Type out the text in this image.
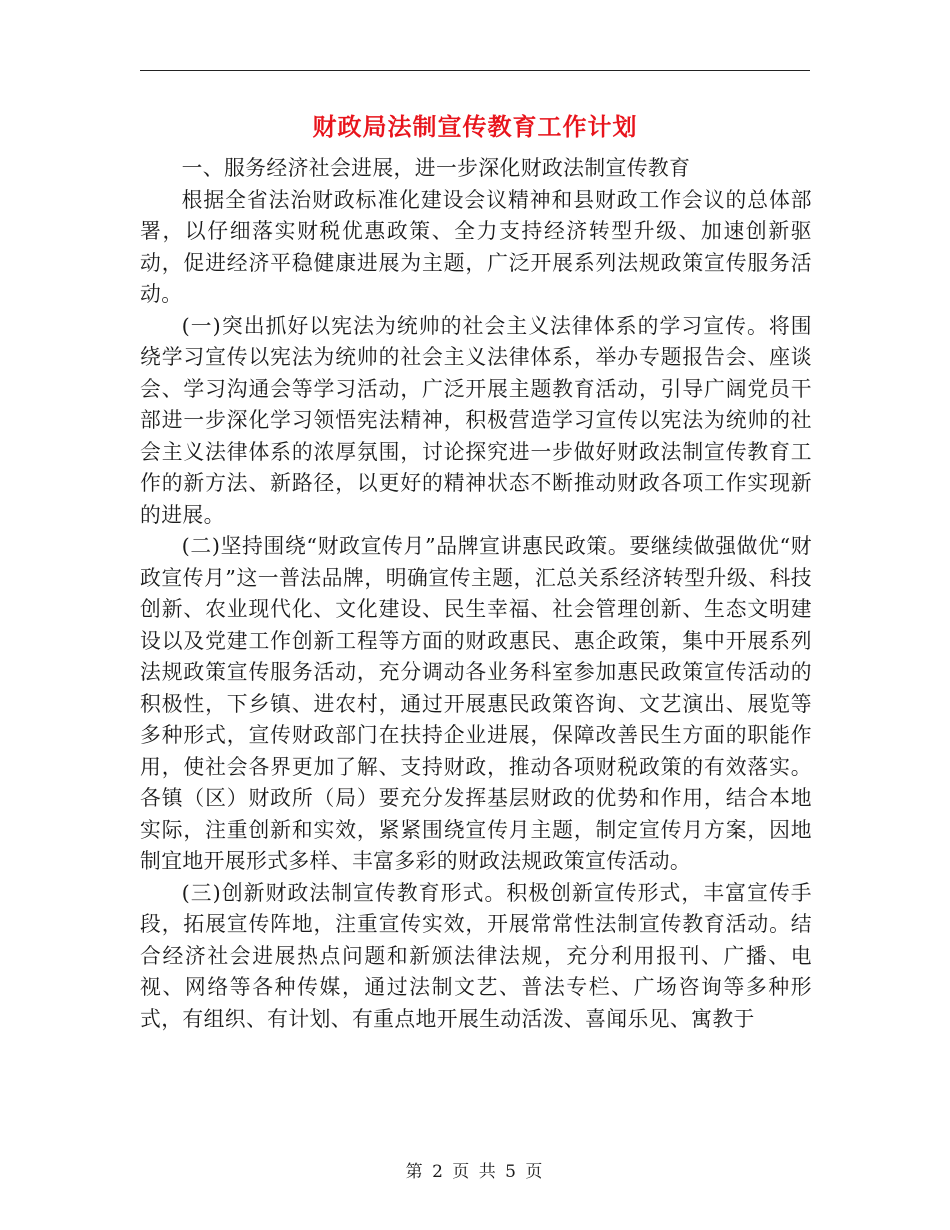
财政局法制宣传教育工作计划

一、服务经济社会进展，进一步深化财政法制宣传教育

根据全省法治财政标准化建设会议精神和县财政工作会议的总体部署，以仔细落实财税优惠政策、全力支持经济转型升级、加速创新驱动，促进经济平稳健康进展为主题，广泛开展系列法规政策宣传服务活动。

(一)突出抓好以宪法为统帅的社会主义法律体系的学习宣传。将围绕学习宣传以宪法为统帅的社会主义法律体系，举办专题报告会、座谈会、学习沟通会等学习活动，广泛开展主题教育活动，引导广阔党员干部进一步深化学习领悟宪法精神，积极营造学习宣传以宪法为统帅的社会主义法律体系的浓厚氛围，讨论探究进一步做好财政法制宣传教育工作的新方法、新路径，以更好的精神状态不断推动财政各项工作实现新的进展。

(二)坚持围绕“财政宣传月”品牌宣讲惠民政策。要继续做强做优“财政宣传月”这一普法品牌，明确宣传主题，汇总关系经济转型升级、科技创新、农业现代化、文化建设、民生幸福、社会管理创新、生态文明建设以及党建工作创新工程等方面的财政惠民、惠企政策，集中开展系列法规政策宣传服务活动，充分调动各业务科室参加惠民政策宣传活动的积极性，下乡镇、进农村，通过开展惠民政策咨询、文艺演出、展览等多种形式，宣传财政部门在扶持企业进展，保障改善民生方面的职能作用，使社会各界更加了解、支持财政，推动各项财税政策的有效落实。各镇（区）财政所（局）要充分发挥基层财政的优势和作用，结合本地实际，注重创新和实效，紧紧围绕宣传月主题，制定宣传月方案，因地制宜地开展形式多样、丰富多彩的财政法规政策宣传活动。

(三)创新财政法制宣传教育形式。积极创新宣传形式，丰富宣传手段，拓展宣传阵地，注重宣传实效，开展常常性法制宣传教育活动。结合经济社会进展热点问题和新颁法律法规，充分利用报刊、广播、电视、网络等各种传媒，通过法制文艺、普法专栏、广场咨询等多种形式，有组织、有计划、有重点地开展生动活泼、喜闻乐见、寓教于

第 2 页 共 5 页
